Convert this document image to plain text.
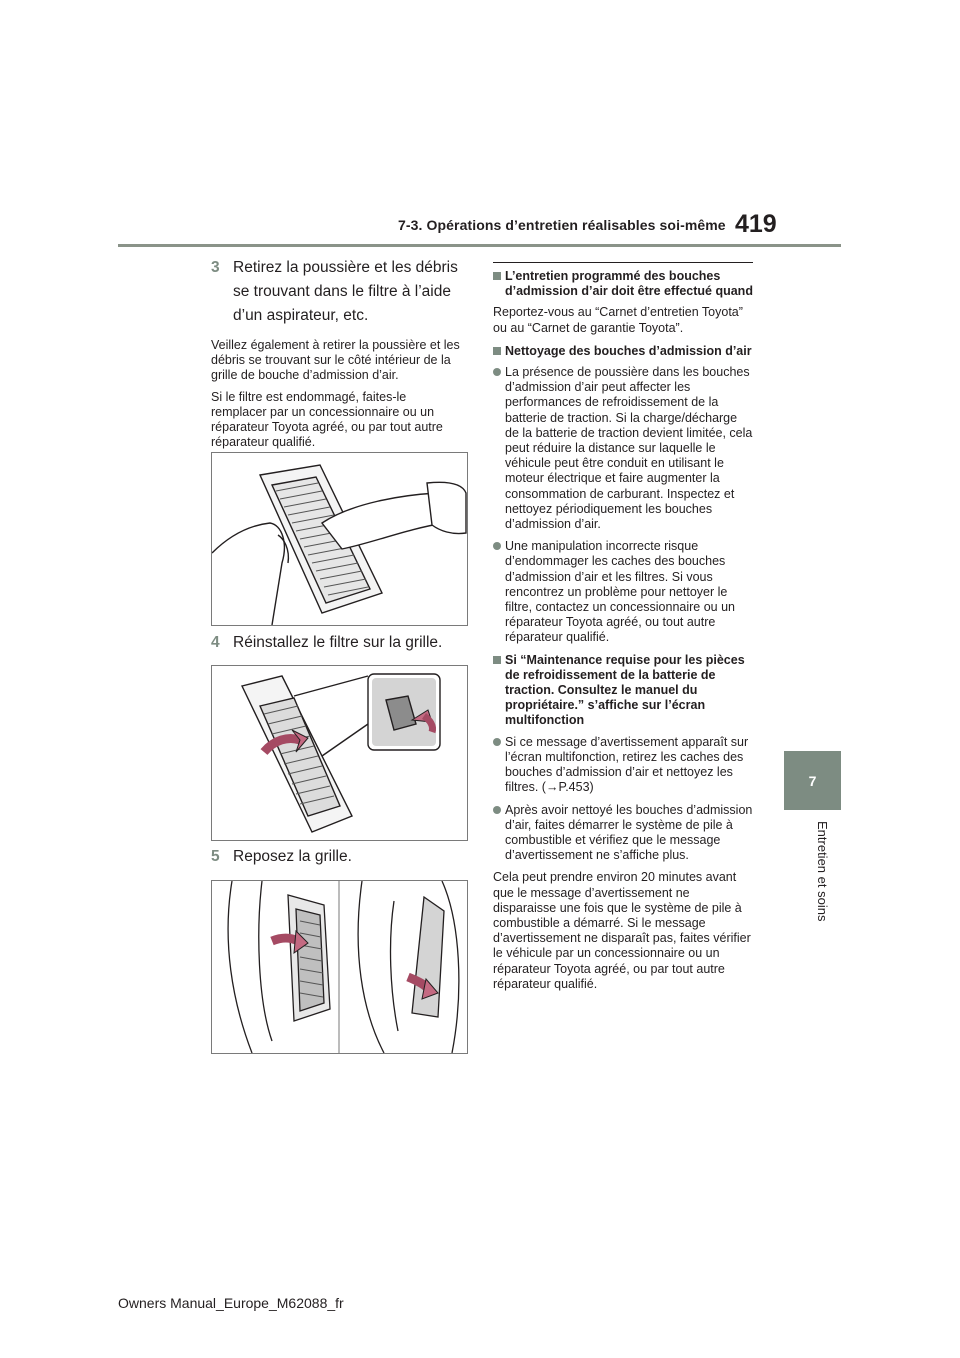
7-3. Opérations d’entretien réalisables soi-même 419
7
Entretien et soins
3 Retirez la poussière et les débris se trouvant dans le filtre à l’aide d’un aspirateur, etc.

Veillez également à retirer la poussière et les débris se trouvant sur le côté intérieur de la grille de bouche d’admission d’air.

Si le filtre est endommagé, faites-le remplacer par un concessionnaire ou un réparateur Toyota agréé, ou par tout autre réparateur qualifié.

4 Réinstallez le filtre sur la grille.
5 Reposez la grille.
L’entretien programmé des bouches d’admission d’air doit être effectué quand

Reportez-vous au “Carnet d’entretien Toyota” ou au “Carnet de garantie Toyota”.

Nettoyage des bouches d’admission d’air
La présence de poussière dans les bouches d’admission d’air peut affecter les performances de refroidissement de la batterie de traction. Si la charge/décharge de la batterie de traction devient limitée, cela peut réduire la distance sur laquelle le véhicule peut être conduit en utilisant le moteur électrique et faire augmenter la consommation de carburant. Inspectez et nettoyez périodiquement les bouches d’admission d’air.
Une manipulation incorrecte risque d’endommager les caches des bouches d’admission d’air et les filtres. Si vous rencontrez un problème pour nettoyer le filtre, contactez un concessionnaire ou un réparateur Toyota agréé, ou tout autre réparateur qualifié.
Si “Maintenance requise pour les pièces de refroidissement de la batterie de traction. Consultez le manuel du propriétaire.” s’affiche sur l’écran multifonction
Si ce message d’avertissement apparaît sur l’écran multifonction, retirez les caches des bouches d’admission d’air et nettoyez les filtres. (→P.453)
Après avoir nettoyé les bouches d’admission d’air, faites démarrer le système de pile à combustible et vérifiez que le message d’avertissement ne s’affiche plus.

Cela peut prendre environ 20 minutes avant que le message d’avertissement ne disparaisse une fois que le système de pile à combustible a démarré. Si le message d’avertissement ne disparaît pas, faites vérifier le véhicule par un concessionnaire ou un réparateur Toyota agréé, ou par tout autre réparateur qualifié.

Owners Manual_Europe_M62088_fr
